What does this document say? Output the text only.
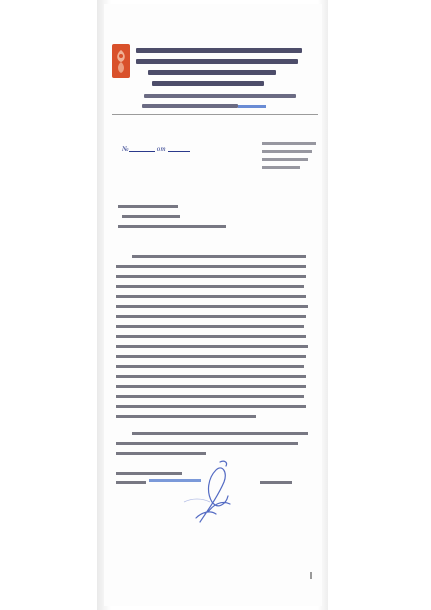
№	от
